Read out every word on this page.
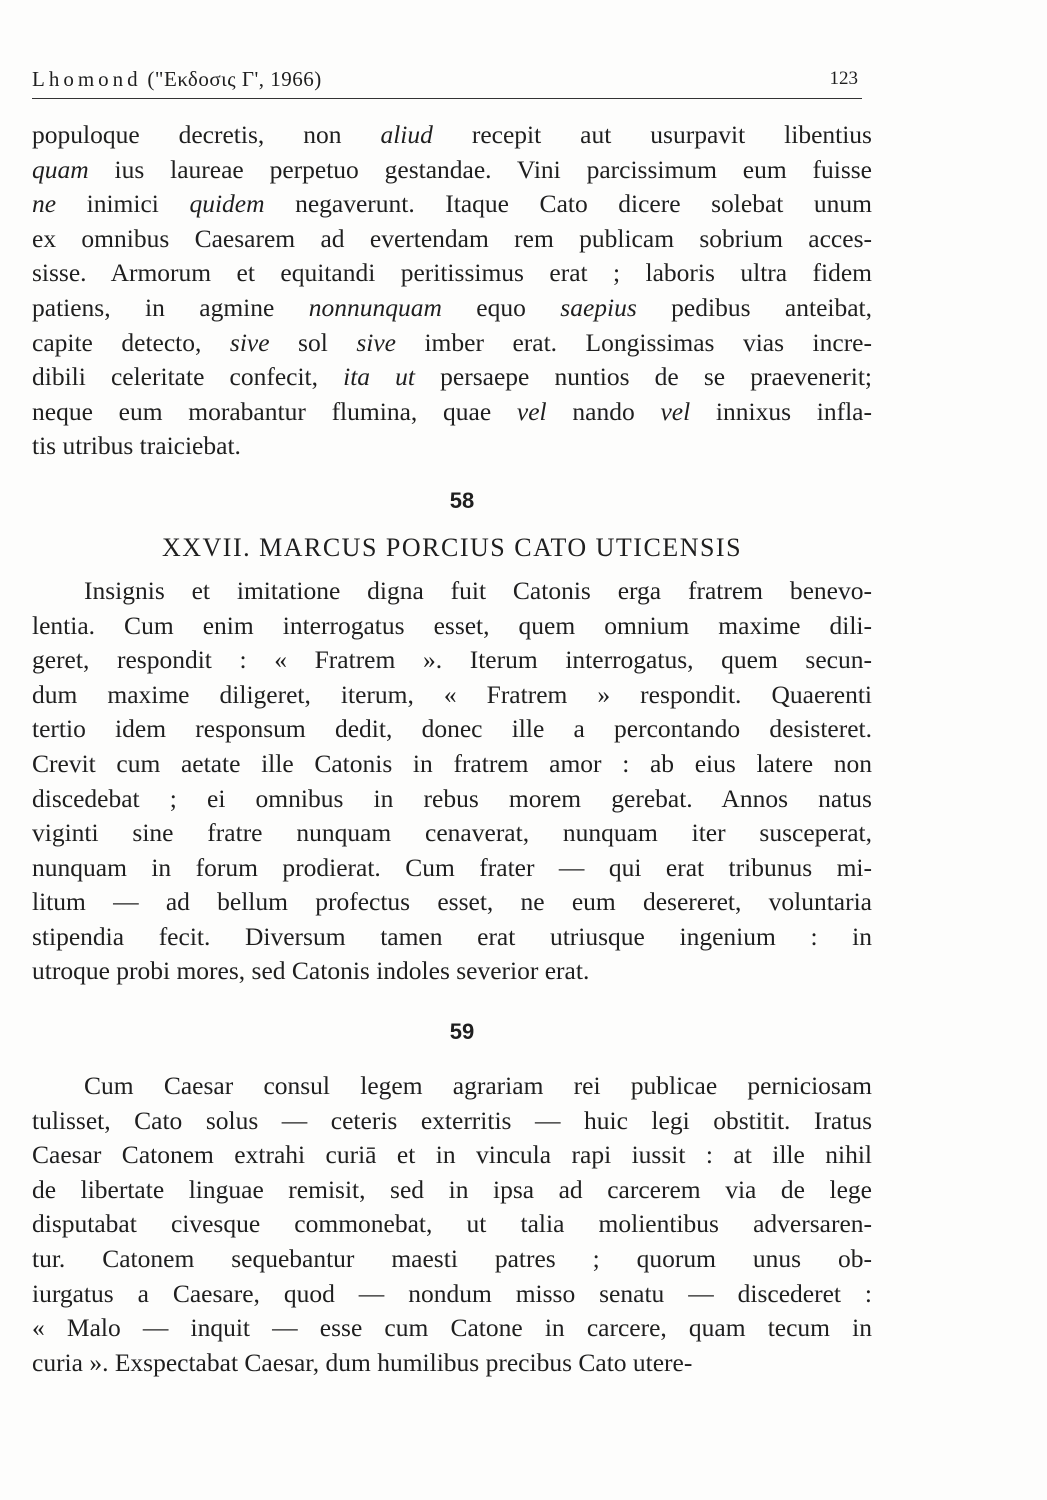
Lhomond ("Εκδοσις Γ', 1966)	123
populoque decretis, non aliud recepit aut usurpavit libentius
quam ius laureae perpetuo gestandae. Vini parcissimum eum fuisse
ne inimici quidem negaverunt. Itaque Cato dicere solebat unum
ex omnibus Caesarem ad evertendam rem publicam sobrium acces-
sisse. Armorum et equitandi peritissimus erat ; laboris ultra fidem
patiens, in agmine nonnunquam equo saepius pedibus anteibat,
capite detecto, sive sol sive imber erat. Longissimas vias incre-
dibili celeritate confecit, ita ut persaepe nuntios de se praevenerit;
neque eum morabantur flumina, quae vel nando vel innixus infla-
tis utribus traiciebat.
58
XXVII. MARCUS PORCIUS CATO UTICENSIS
Insignis et imitatione digna fuit Catonis erga fratrem benevo-
lentia. Cum enim interrogatus esset, quem omnium maxime dili-
geret, respondit : « Fratrem ». Iterum interrogatus, quem secun-
dum maxime diligeret, iterum, « Fratrem » respondit. Quaerenti
tertio idem responsum dedit, donec ille a percontando desisteret.
Crevit cum aetate ille Catonis in fratrem amor : ab eius latere non
discedebat ; ei omnibus in rebus morem gerebat. Annos natus
viginti sine fratre nunquam cenaverat, nunquam iter susceperat,
nunquam in forum prodierat. Cum frater — qui erat tribunus mi-
litum — ad bellum profectus esset, ne eum desereret, voluntaria
stipendia fecit. Diversum tamen erat utriusque ingenium : in
utroque probi mores, sed Catonis indoles severior erat.
59
Cum Caesar consul legem agrariam rei publicae perniciosam
tulisset, Cato solus — ceteris exterritis — huic legi obstitit. Iratus
Caesar Catonem extrahi curiā et in vincula rapi iussit : at ille nihil
de libertate linguae remisit, sed in ipsa ad carcerem via de lege
disputabat civesque commonebat, ut talia molientibus adversaren-
tur. Catonem sequebantur maesti patres ; quorum unus ob-
iurgatus a Caesare, quod — nondum misso senatu — discederet :
« Malo — inquit — esse cum Catone in carcere, quam tecum in
curia ». Exspectabat Caesar, dum humilibus precibus Cato utere-
